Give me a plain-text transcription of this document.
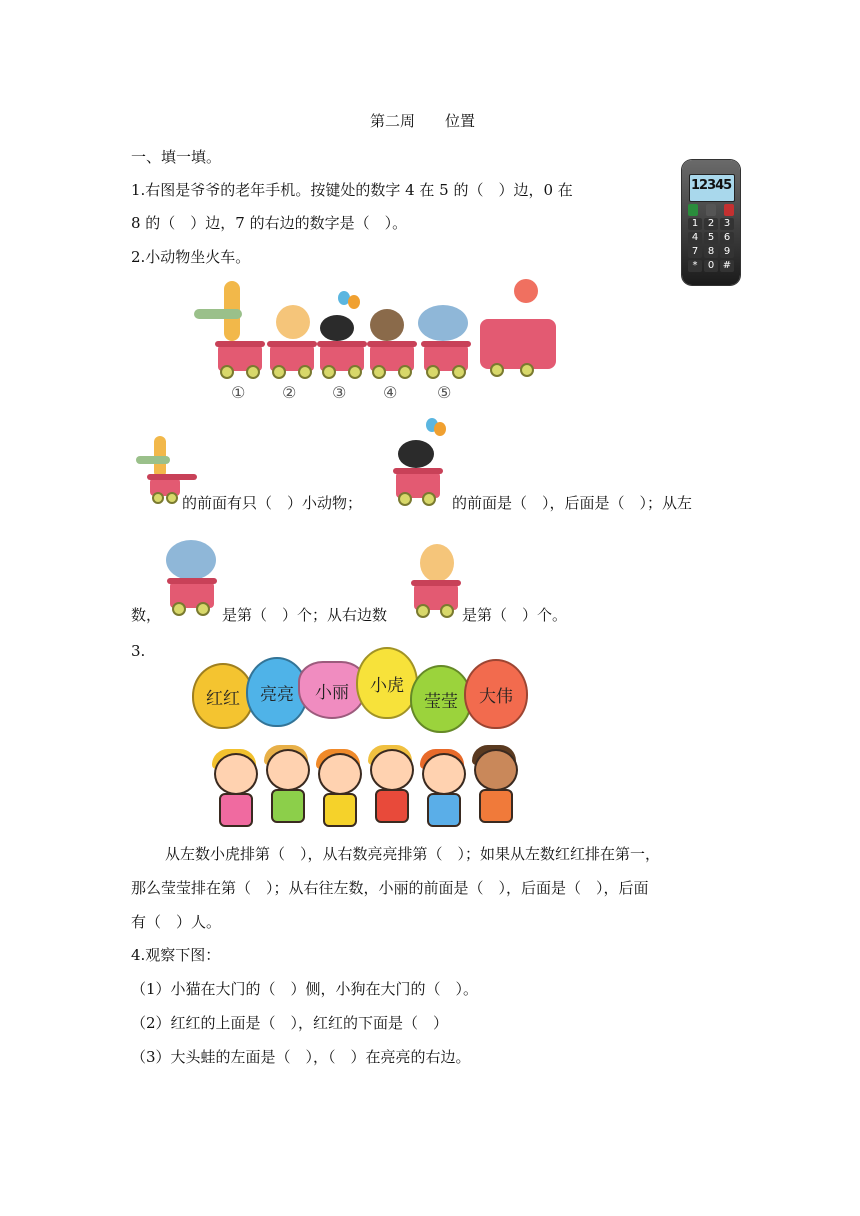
第二周　　位置
一、填一填。
1.右图是爷爷的老年手机。按键处的数字 4 在 5 的（　）边，0 在
8 的（　）边，7 的右边的数字是（　）。
12345
1 2 3
4 5 6
7 8 9
*	0 #
2.小动物坐火车。
① ② ③ ④ ⑤
的前面有只（　）小动物；	的前面是（　），后面是（　）；从左
数，	是第（　）个；从右边数	是第（　）个。
3.
红红	亮亮	小丽	小虎
莹莹	大伟
从左数小虎排第（　），从右数亮亮排第（　）；如果从左数红红排在第一，
那么莹莹排在第（　）；从右往左数，小丽的前面是（　），后面是（　），后面
有（　）人。
4.观察下图：
（1）小猫在大门的（　）侧，小狗在大门的（　）。
（2）红红的上面是（　），红红的下面是（　）
（3）大头蛙的左面是（　），（　）在亮亮的右边。
